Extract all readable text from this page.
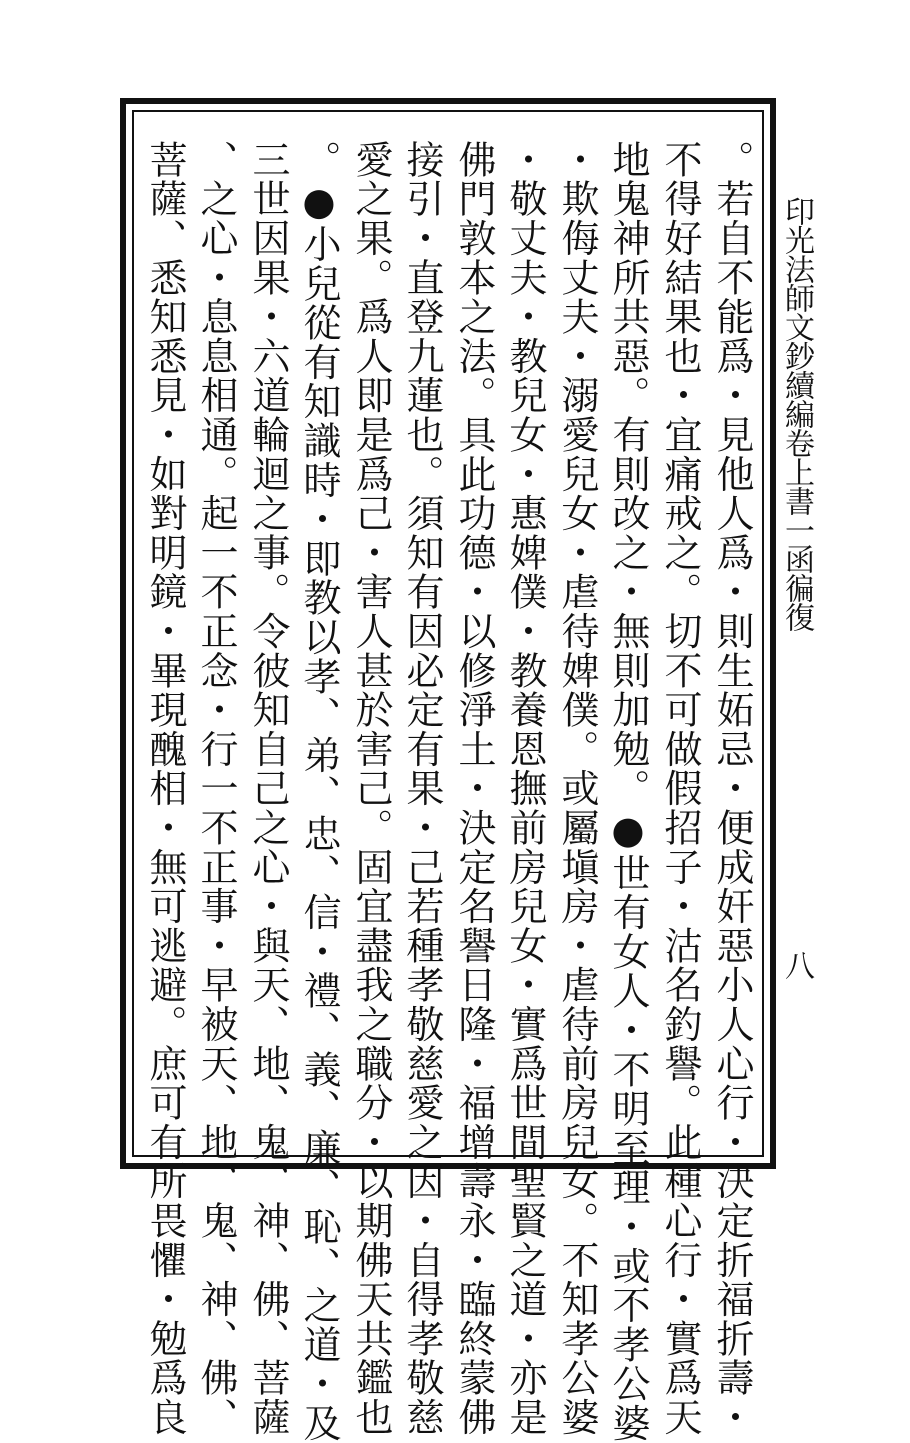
印光法師文鈔續編卷上書一函徧復
八
。若自不能爲・見他人爲・則生妬忌・便成奸惡小人心行・決定折福折壽・
不得好結果也・宜痛戒之。切不可做假招子・沽名釣譽。此種心行・實爲天
地鬼神所共惡。有則改之・無則加勉。●世有女人・不明至理・或不孝公婆
・欺侮丈夫・溺愛兒女・虐待婢僕。或屬塡房・虐待前房兒女。不知孝公婆
・敬丈夫・教兒女・惠婢僕・教養恩撫前房兒女・實爲世間聖賢之道・亦是
佛門敦本之法。具此功德・以修淨土・決定名譽日隆・福增壽永・臨終蒙佛
接引・直登九蓮也。須知有因必定有果・己若種孝敬慈愛之因・自得孝敬慈
愛之果。爲人即是爲己・害人甚於害己。固宜盡我之職分・以期佛天共鑑也
。●小兒從有知識時・即教以孝、弟、忠、信・禮、義、廉、恥、之道・及
三世因果・六道輪迴之事。令彼知自己之心・與天、地、鬼、神、佛、菩薩
、之心・息息相通。起一不正念・行一不正事・早被天、地、鬼、神、佛、
菩薩、悉知悉見・如對明鏡・畢現醜相・無可逃避。庶可有所畏懼・勉爲良
